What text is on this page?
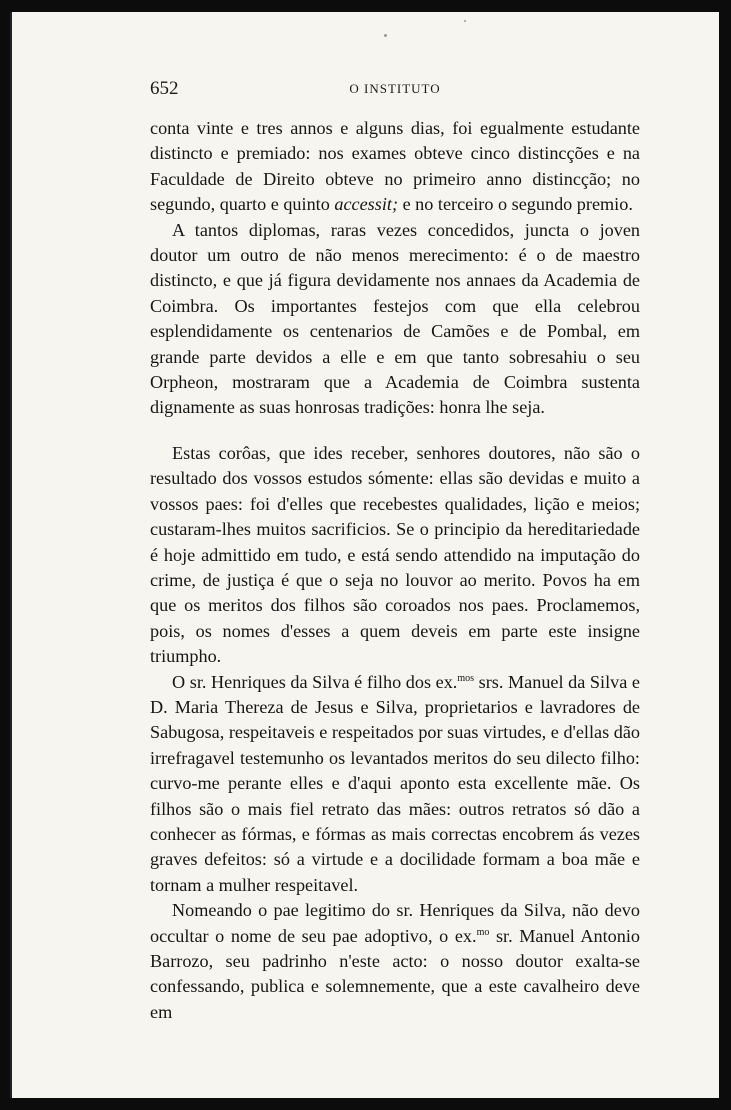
652	O INSTITUTO

conta vinte e tres annos e alguns dias, foi egualmente estudante distincto e premiado: nos exames obteve cinco distincções e na Faculdade de Direito obteve no primeiro anno distincção; no segundo, quarto e quinto accessit; e no terceiro o segundo premio.

A tantos diplomas, raras vezes concedidos, juncta o joven doutor um outro de não menos merecimento: é o de maestro distincto, e que já figura devidamente nos annaes da Academia de Coimbra. Os importantes festejos com que ella celebrou esplendidamente os centenarios de Camões e de Pombal, em grande parte devidos a elle e em que tanto sobresahiu o seu Orpheon, mostraram que a Academia de Coimbra sustenta dignamente as suas honrosas tradições: honra lhe seja.

Estas corôas, que ides receber, senhores doutores, não são o resultado dos vossos estudos sómente: ellas são devidas e muito a vossos paes: foi d'elles que recebestes qualidades, lição e meios; custaram-lhes muitos sacrificios. Se o principio da hereditariedade é hoje admittido em tudo, e está sendo attendido na imputação do crime, de justiça é que o seja no louvor ao merito. Povos ha em que os meritos dos filhos são coroados nos paes. Proclamemos, pois, os nomes d'esses a quem deveis em parte este insigne triumpho.

O sr. Henriques da Silva é filho dos ex.$^{mos}$ srs. Manuel da Silva e D. Maria Thereza de Jesus e Silva, proprietarios e lavradores de Sabugosa, respeitaveis e respeitados por suas virtudes, e d'ellas dão irrefragavel testemunho os levantados meritos do seu dilecto filho: curvo-me perante elles e d'aqui aponto esta excellente mãe. Os filhos são o mais fiel retrato das mães: outros retratos só dão a conhecer as fórmas, e fórmas as mais correctas encobrem ás vezes graves defeitos: só a virtude e a docilidade formam a boa mãe e tornam a mulher respeitavel.

Nomeando o pae legitimo do sr. Henriques da Silva, não devo occultar o nome de seu pae adoptivo, o ex.$^{mo}$ sr. Manuel Antonio Barrozo, seu padrinho n'este acto: o nosso doutor exalta-se confessando, publica e solemnemente, que a este cavalheiro deve em
